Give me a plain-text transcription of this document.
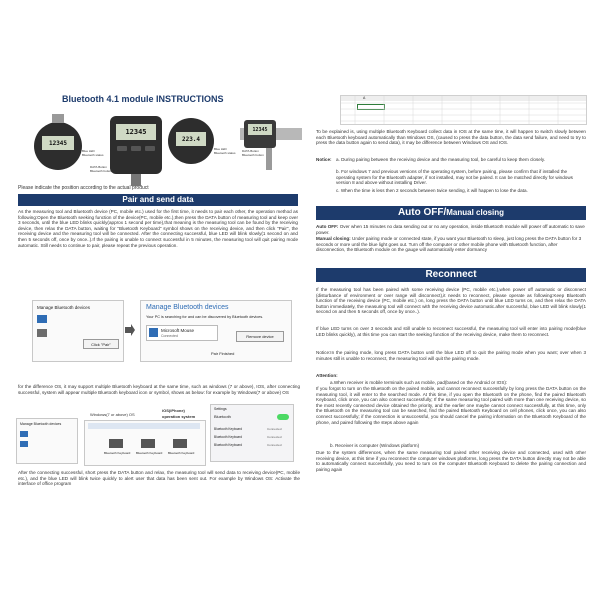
Bluetooth 4.1 module INSTRUCTIONS
12345
Blue LED
Bluetooth status
12345
DATA Button
Bluetooth button
223.4
Blue LED
Bluetooth status
12345
DATA Button
Bluetooth button
Please indicate the position according to the actual product
Pair and send data
As the measuring tool and Bluetooth device (PC, mobile etc.) used for the first time, it needs to pair each other, the operation method as following:Open the Bluetooth seeking function of the device(PC, mobile etc.),then press the DATA button of measuring tool and keep over 3 seconds, until the blue LED blinks quickly(approx 1 second per time),that meaning is the measuring tool can be found by the receiving device, then relax the DATA button, waiting for "Bluetooth Keyboard" symbol shows on the receiving device, and then click "Pair", the receiving device and the measuring tool will be connected. After the connecting successful, blue LED will blink slowly(1 second on and then 5 seconds off, once by once..).If the pairing is unable to connect successful in 5 minutes, the measuring tool will quit pairing mode automatic. Still needs to continue to pair, please repeat the previous operation.
Manage Bluetooth devices
Click "Pair"
Manage Bluetooth devices
Your PC is searching for and can be discovered by Bluetooth devices.
Microsoft Mouse
Connected	Remove device
Pair Finished
for the difference OS, it may support multiple Bluetooth keyboard at the same time, such as windows (7 or above), IOS, after connecting successful, system will appear multiple Bluetooth keyboard icon or symbol, shows as below: for example by Windows(7 or above) OS
Manage Bluetooth devices
Windows(7 or above) OS
Bluetooth Keyboard Bluetooth Keyboard Bluetooth Keyboard
iOS(iPhone)
operation system
Settings
Bluetooth
Bluetooth Keyboard	Connected
Bluetooth Keyboard	Connected
Bluetooth Keyboard	Connected
After the connecting successful, short press the DATA button and relax, the measuring tool will send data to receiving device(PC, mobile etc.), and the blue LED will blink twice quickly to alert user that data has been sent out. For example by Windows OS: Activate the interface of office program
A
To be explained is, using multiple Bluetooth Keyboard collect data in IOS at the same time, it will happen to switch slowly between each Bluetooth keyboard automatically than Windows OS, (caused to press the data button, the data send failure, and need to try to press the data button again to send data), it may be difference between Windows OS and IOS.
Notice: a. During pairing between the receiving device and the measuring tool, be careful to keep them closely.
b. For windows 7 and previous versions of the operating system, before pairing, please confirm that if installed the operating system for the Bluetooth adapter, if not installed, may not be paired. It can be matched directly for windows version 8 and above without installing Driver.
c. When the time is less then 2 seconds between twice sending, it will happen to lose the data.
Auto OFF/Manual closing
Auto OFF: Over when 15 minutes no data sending out or no any operation, inside Bluetooth module will power off automatic to save power.
Manual closing: Under pairing mode or connected state, if you want your Bluetooth to sleep, just long press the DATA button for 3 seconds or more until the blue light goes out. Turn off the computer or other mobile phone with Bluetooth function, after disconnection, the Bluetooth module on the gauge will automatically enter dormancy
Reconnect
If the measuring tool has been paired with some receiving device (PC, mobile etc.),when power off automatic or disconnect (disturbance of environment or over range will disconnect),it needs to reconnect, please operate as following:Keep Bluetooth function of the receiving device (PC, mobile etc.) on, long press the DATA button until blue LED turns on, and then relax the DATA button immediately, the measuring tool will connect with the receiving device automatic.after successful, blue LED will blink slowly(1 second on and then 5 seconds off, once by once..).
If blue LED turns on over 3 seconds and still unable to reconnect successful, the measuring tool will enter into pairing mode(blue LED blinks quickly), at this time you can start the seeking function of the receiving device, make them to reconnect.
Notice:In the pairing mode, long press DATA button until the blue LED off to quit the pairing mode when you want; over when 3 minutes still is unable to reconnect, the measuring tool will quit the pairing mode.
Attention:
a.When receiver is mobile terminals such as mobile, pad(based on the Android or IOS):
If you forgot to turn on the Bluetooth on the paired mobile, and cannot reconnect successfully by long press the DATA button on the measuring tool, it will enter to the searched mode. At this time, if you open the Bluetooth on the phone, find the paired Bluetooth Keyboard, click once, you can also connect successfully; If the same measuring tool paired with more than one receiving device, so the most recently connected device obtained the priority, and the earlier one maybe cannot connect successfully, at this time, only the Bluetooth on the measuring tool can be searched, find the paired Bluetooth Keyboard on cell phones, click once, you can also connect successfully; if the connection is unsuccessful, you should cancel the pairing information on the Bluetooth Keyboard of the phone, and paired following the steps above again
b. Receiver is computer (Windows platform)
Due to the system differences, when the same measuring tool paired other receiving device and connected, used with other receiving device, at this time if you reconnect the computer windows platforms, long press the DATA button directly may not be able to automatically connect successfully, you need to turn on the computer Bluetooth Keyboard to delete the pairing connection and pairing again
